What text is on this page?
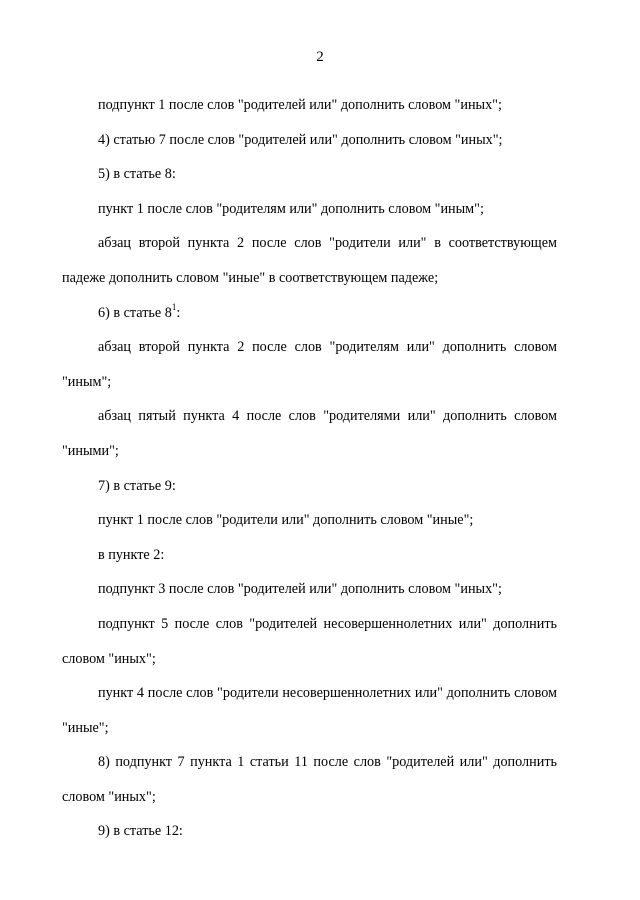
2

подпункт 1 после слов "родителей или" дополнить словом "иных";

4) статью 7 после слов "родителей или" дополнить словом "иных";

5) в статье 8:

пункт 1 после слов "родителям или" дополнить словом "иным";

абзац второй пункта 2 после слов "родители или" в соответствующем падеже дополнить словом "иные" в соответствующем падеже;

6) в статье $8^1$:

абзац второй пункта 2 после слов "родителям или" дополнить словом "иным";

абзац пятый пункта 4 после слов "родителями или" дополнить словом "иными";

7) в статье 9:

пункт 1 после слов "родители или" дополнить словом "иные";

в пункте 2:

подпункт 3 после слов "родителей или" дополнить словом "иных";

подпункт 5 после слов "родителей несовершеннолетних или" дополнить словом "иных";

пункт 4 после слов "родители несовершеннолетних или" дополнить словом "иные";

8) подпункт 7 пункта 1 статьи 11 после слов "родителей или" дополнить словом "иных";

9) в статье 12:
